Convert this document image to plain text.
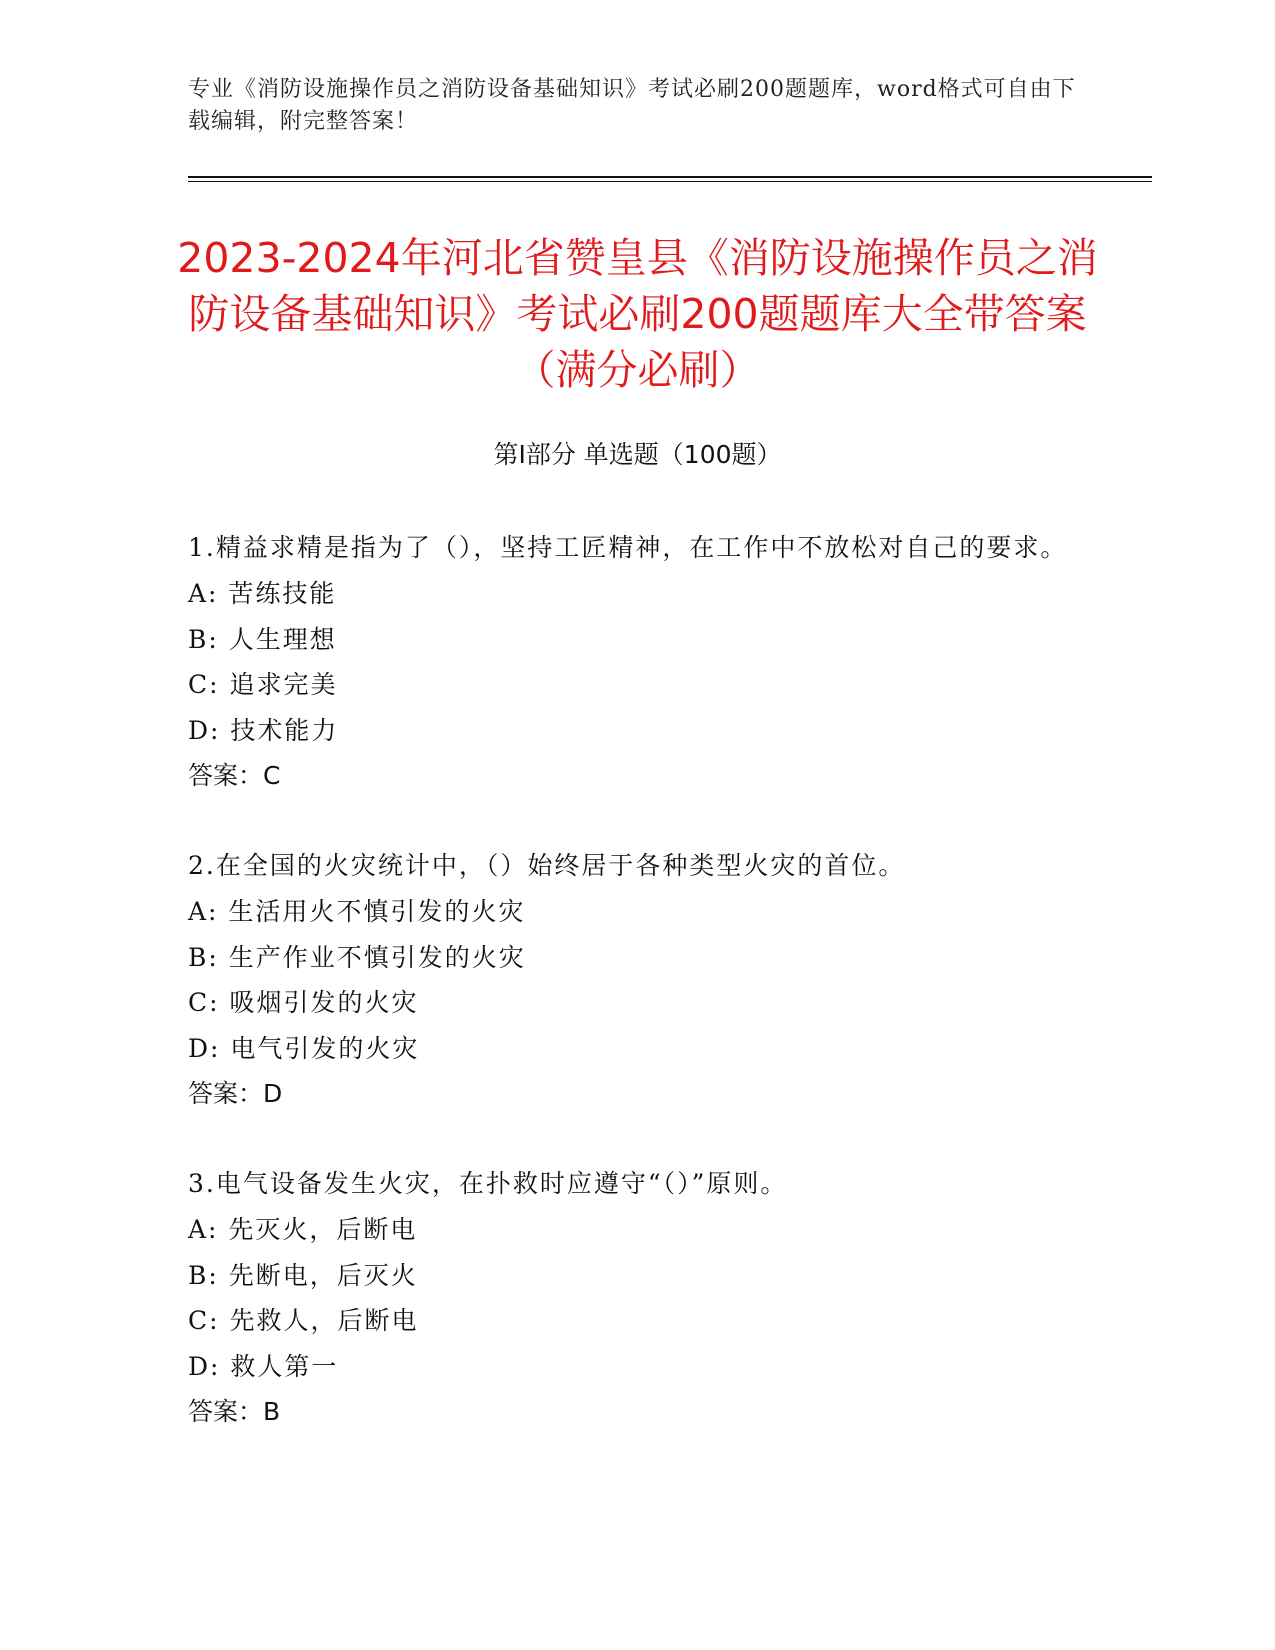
专业《消防设施操作员之消防设备基础知识》考试必刷200题题库，word格式可自由下载编辑，附完整答案！
2023-2024年河北省赞皇县《消防设施操作员之消防设备基础知识》考试必刷200题题库大全带答案（满分必刷）
第Ⅰ部分 单选题（100题）
1.精益求精是指为了（），坚持工匠精神，在工作中不放松对自己的要求。
A: 苦练技能
B: 人生理想
C: 追求完美
D: 技术能力
答案：C
2.在全国的火灾统计中，（）始终居于各种类型火灾的首位。
A: 生活用火不慎引发的火灾
B: 生产作业不慎引发的火灾
C: 吸烟引发的火灾
D: 电气引发的火灾
答案：D
3.电气设备发生火灾，在扑救时应遵守“（）”原则。
A: 先灭火，后断电
B: 先断电，后灭火
C: 先救人，后断电
D: 救人第一
答案：B
